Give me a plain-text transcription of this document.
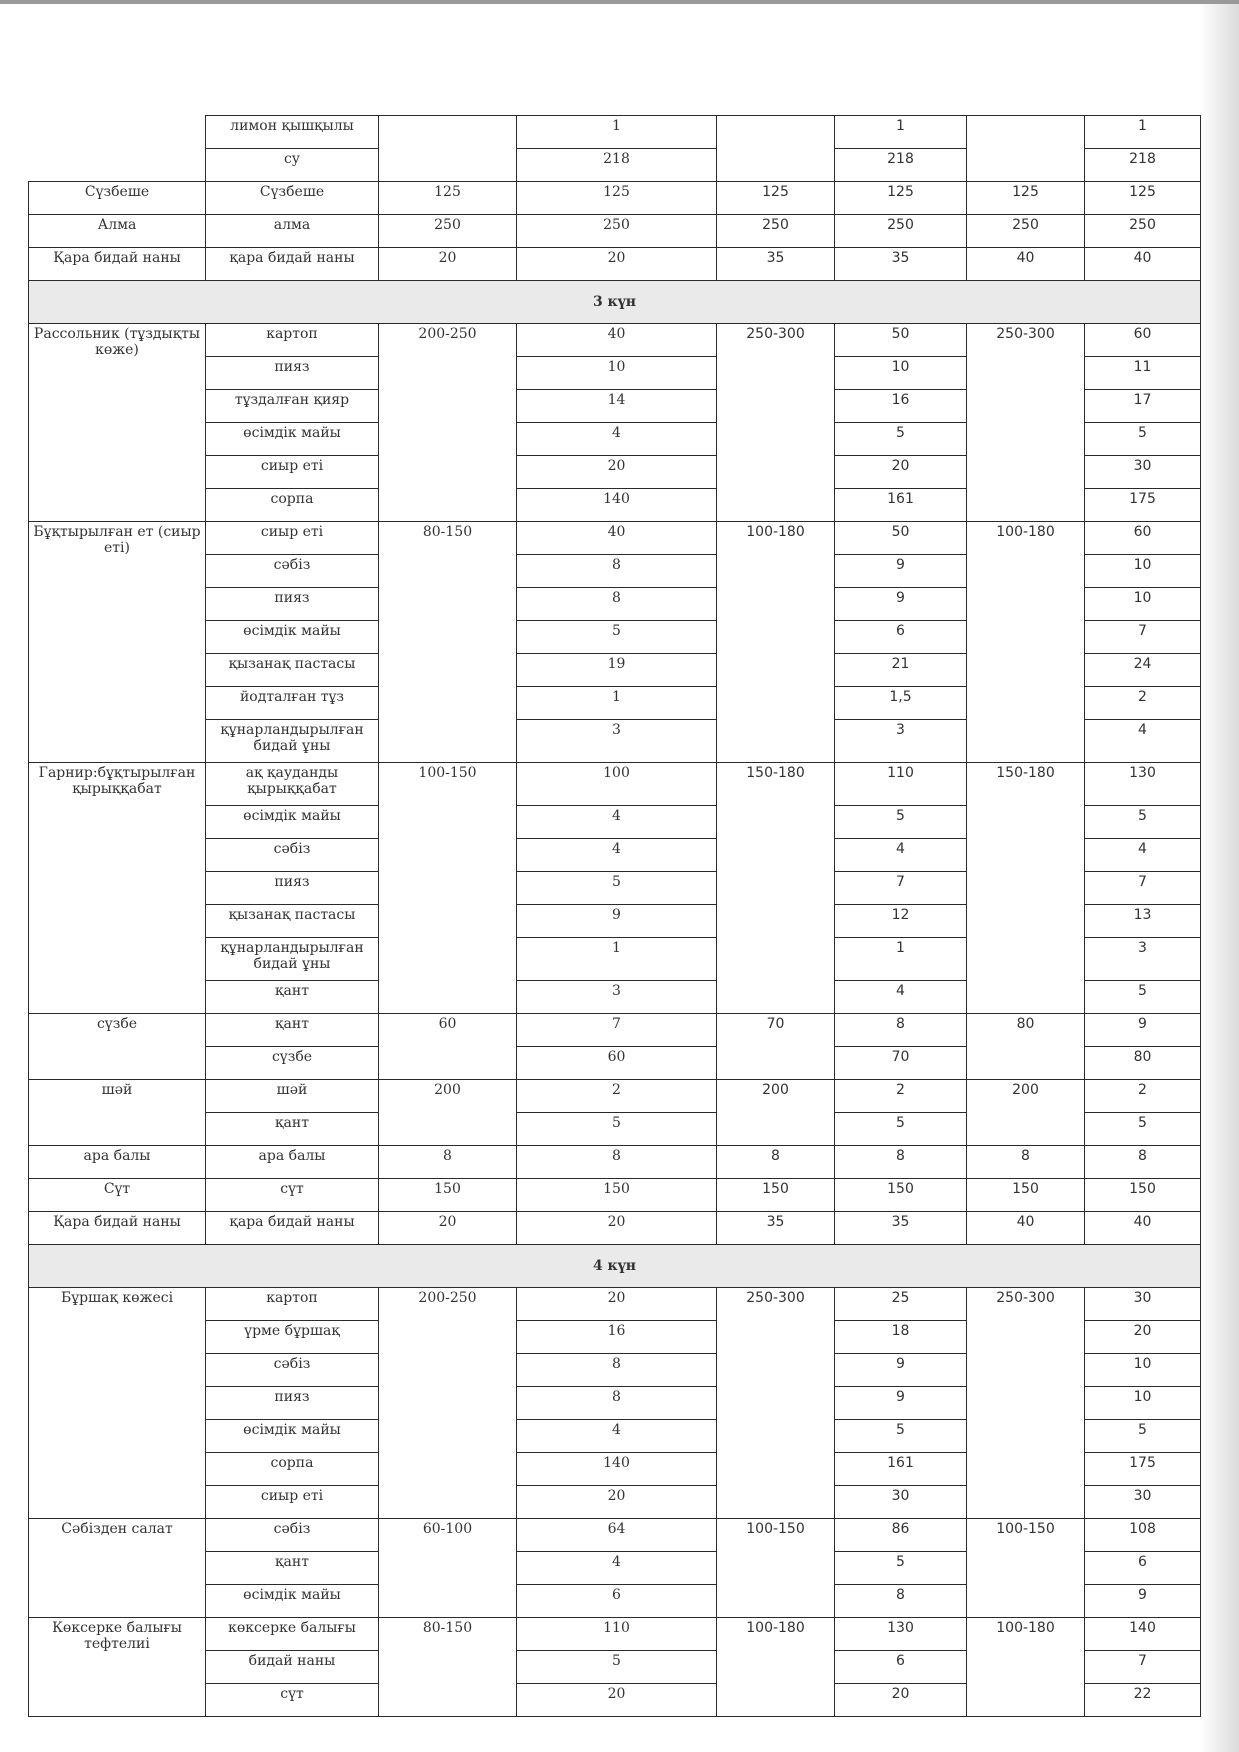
	лимон қышқылы		1		1		1
	су		218		218		218
Сүзбеше	Сүзбеше	125	125	125	125	125	125
Алма	алма	250	250	250	250	250	250
Қара бидай наны	қара бидай наны	20	20	35	35	40	40
3 күн							
Рассольник (тұздықты көже)	картоп	200-250	40	250-300	50	250-300	60
	пияз		10		10		11
	тұздалған қияр		14		16		17
	өсімдік майы		4		5		5
	сиыр еті		20		20		30
	сорпа		140		161		175
Бұқтырылған ет (сиыр еті)	сиыр еті	80-150	40	100-180	50	100-180	60
	сәбіз		8		9		10
	пияз		8		9		10
	өсімдік майы		5		6		7
	қызанақ пастасы		19		21		24
	йодталған тұз		1		1,5		2
	құнарландырылған бидай ұны		3		3		4
Гарнир:бұқтырылған қырыққабат	ақ қауданды қырыққабат	100-150	100	150-180	110	150-180	130
	өсімдік майы		4		5		5
	сәбіз		4		4		4
	пияз		5		7		7
	қызанақ пастасы		9		12		13
	құнарландырылған бидай ұны		1		1		3
	қант		3		4		5
сүзбе	қант	60	7	70	8	80	9
	сүзбе		60		70		80
шәй	шәй	200	2	200	2	200	2
	қант		5		5		5
ара балы	ара балы	8	8	8	8	8	8
Сүт	сүт	150	150	150	150	150	150
Қара бидай наны	қара бидай наны	20	20	35	35	40	40
4 күн							
Бұршақ көжесі	картоп	200-250	20	250-300	25	250-300	30
	үрме бұршақ		16		18		20
	сәбіз		8		9		10
	пияз		8		9		10
	өсімдік майы		4		5		5
	сорпа		140		161		175
	сиыр еті		20		30		30
Сәбізден салат	сәбіз	60-100	64	100-150	86	100-150	108
	қант		4		5		6
	өсімдік майы		6		8		9
Көксерке балығы тефтелиі	көксерке балығы	80-150	110	100-180	130	100-180	140
	бидай наны		5		6		7
	сүт		20		20		22
